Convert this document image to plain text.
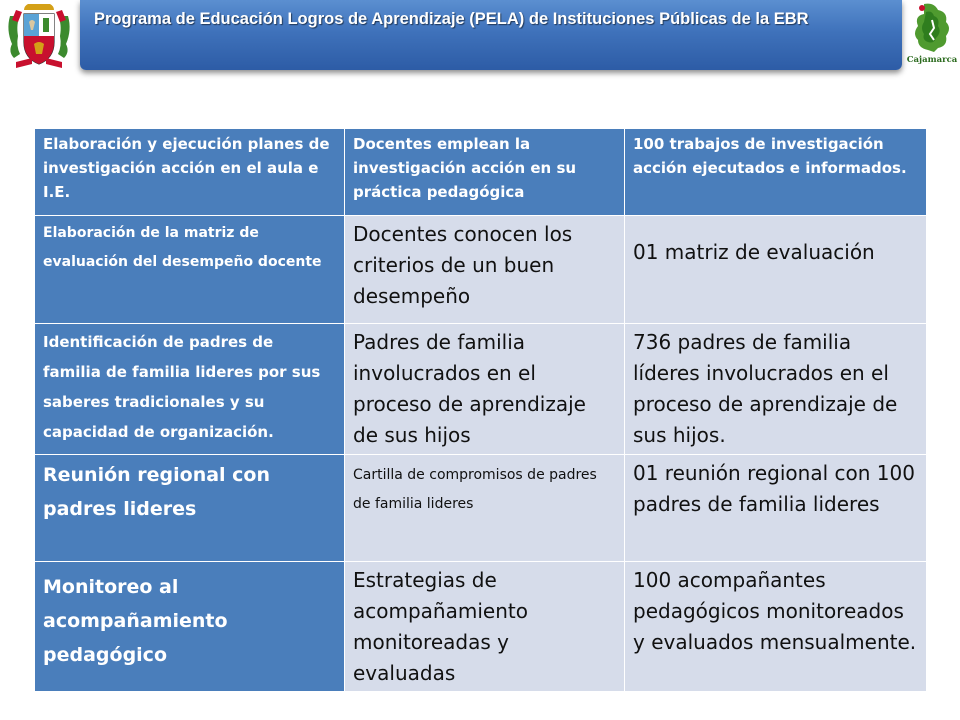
Programa de Educación Logros de Aprendizaje (PELA) de Instituciones Públicas de la EBR
Cajamarca
Elaboración y ejecución planes de investigación acción en el aula e I.E.	Docentes emplean la investigación acción en su práctica pedagógica	100 trabajos de investigación acción ejecutados e informados.
Elaboración de la matriz de evaluación del desempeño docente	Docentes conocen los criterios de un buen desempeño	01 matriz de evaluación
Identificación de padres de familia de familia lideres por sus saberes tradicionales y su capacidad de organización.	Padres de familia involucrados en el proceso de aprendizaje de sus hijos	736 padres de familia líderes involucrados en el proceso de aprendizaje de sus hijos.
Reunión regional con padres lideres	Cartilla de compromisos de padres de familia lideres	01 reunión regional con 100 padres de familia lideres
Monitoreo al acompañamiento pedagógico	Estrategias de acompañamiento monitoreadas y evaluadas	100 acompañantes pedagógicos monitoreados y evaluados mensualmente.
